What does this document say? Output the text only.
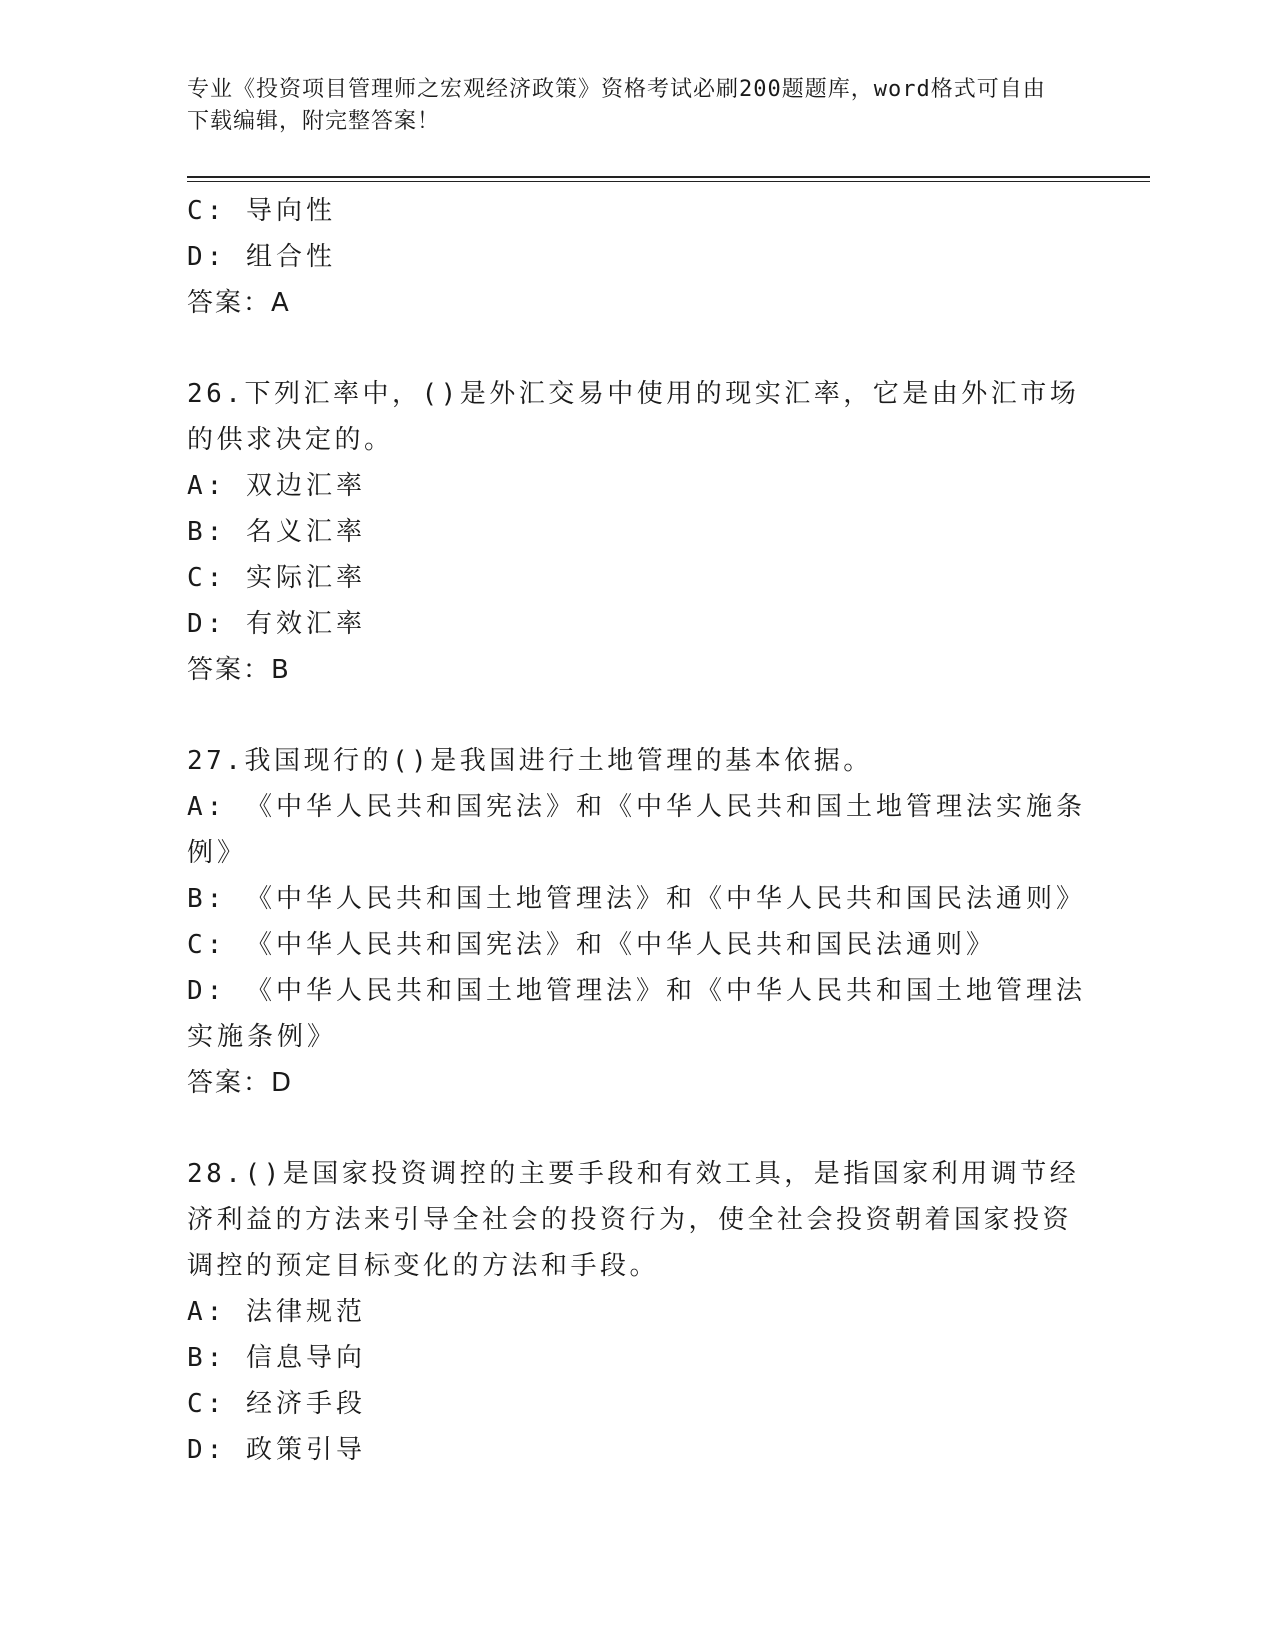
专业《投资项目管理师之宏观经济政策》资格考试必刷200题题库，word格式可自由下载编辑，附完整答案！
C: 导向性
D: 组合性
答案：A
26.下列汇率中，()是外汇交易中使用的现实汇率，它是由外汇市场的供求决定的。
A: 双边汇率
B: 名义汇率
C: 实际汇率
D: 有效汇率
答案：B
27.我国现行的()是我国进行土地管理的基本依据。
A: 《中华人民共和国宪法》和《中华人民共和国土地管理法实施条例》
B: 《中华人民共和国土地管理法》和《中华人民共和国民法通则》
C: 《中华人民共和国宪法》和《中华人民共和国民法通则》
D: 《中华人民共和国土地管理法》和《中华人民共和国土地管理法实施条例》
答案：D
28.()是国家投资调控的主要手段和有效工具，是指国家利用调节经济利益的方法来引导全社会的投资行为，使全社会投资朝着国家投资调控的预定目标变化的方法和手段。
A: 法律规范
B: 信息导向
C: 经济手段
D: 政策引导
